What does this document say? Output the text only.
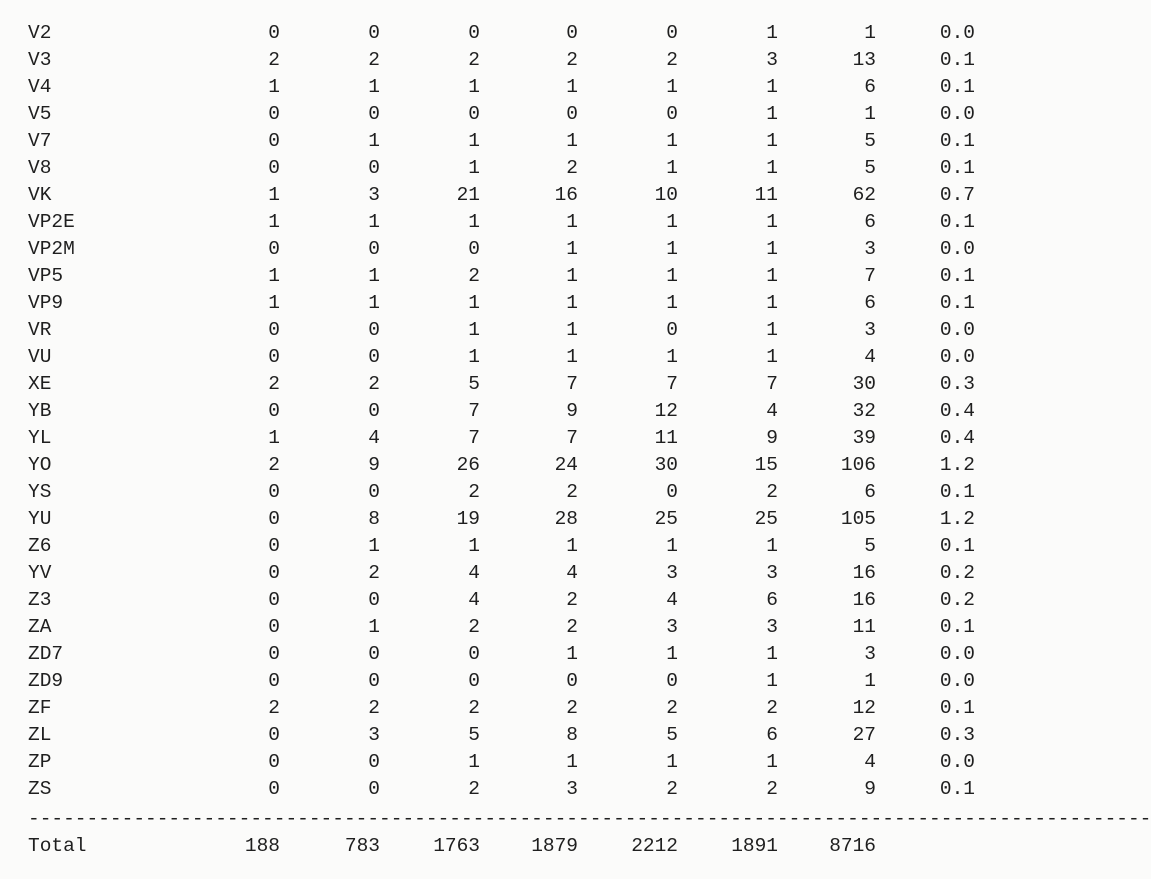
V2	0	0	0	0	0	1	1	0.0
V3	2	2	2	2	2	3	13	0.1
V4	1	1	1	1	1	1	6	0.1
V5	0	0	0	0	0	1	1	0.0
V7	0	1	1	1	1	1	5	0.1
V8	0	0	1	2	1	1	5	0.1
VK	1	3	21	16	10	11	62	0.7
VP2E	1	1	1	1	1	1	6	0.1
VP2M	0	0	0	1	1	1	3	0.0
VP5	1	1	2	1	1	1	7	0.1
VP9	1	1	1	1	1	1	6	0.1
VR	0	0	1	1	0	1	3	0.0
VU	0	0	1	1	1	1	4	0.0
XE	2	2	5	7	7	7	30	0.3
YB	0	0	7	9	12	4	32	0.4
YL	1	4	7	7	11	9	39	0.4
YO	2	9	26	24	30	15	106	1.2
YS	0	0	2	2	0	2	6	0.1
YU	0	8	19	28	25	25	105	1.2
Z6	0	1	1	1	1	1	5	0.1
YV	0	2	4	4	3	3	16	0.2
Z3	0	0	4	2	4	6	16	0.2
ZA	0	1	2	2	3	3	11	0.1
ZD7	0	0	0	1	1	1	3	0.0
ZD9	0	0	0	0	0	1	1	0.0
ZF	2	2	2	2	2	2	12	0.1
ZL	0	3	5	8	5	6	27	0.3
ZP	0	0	1	1	1	1	4	0.0
ZS	0	0	2	3	2	2	9	0.1
------------------------------------------------------------------------------------------------
Total	188	783	1763	1879	2212	1891	8716
